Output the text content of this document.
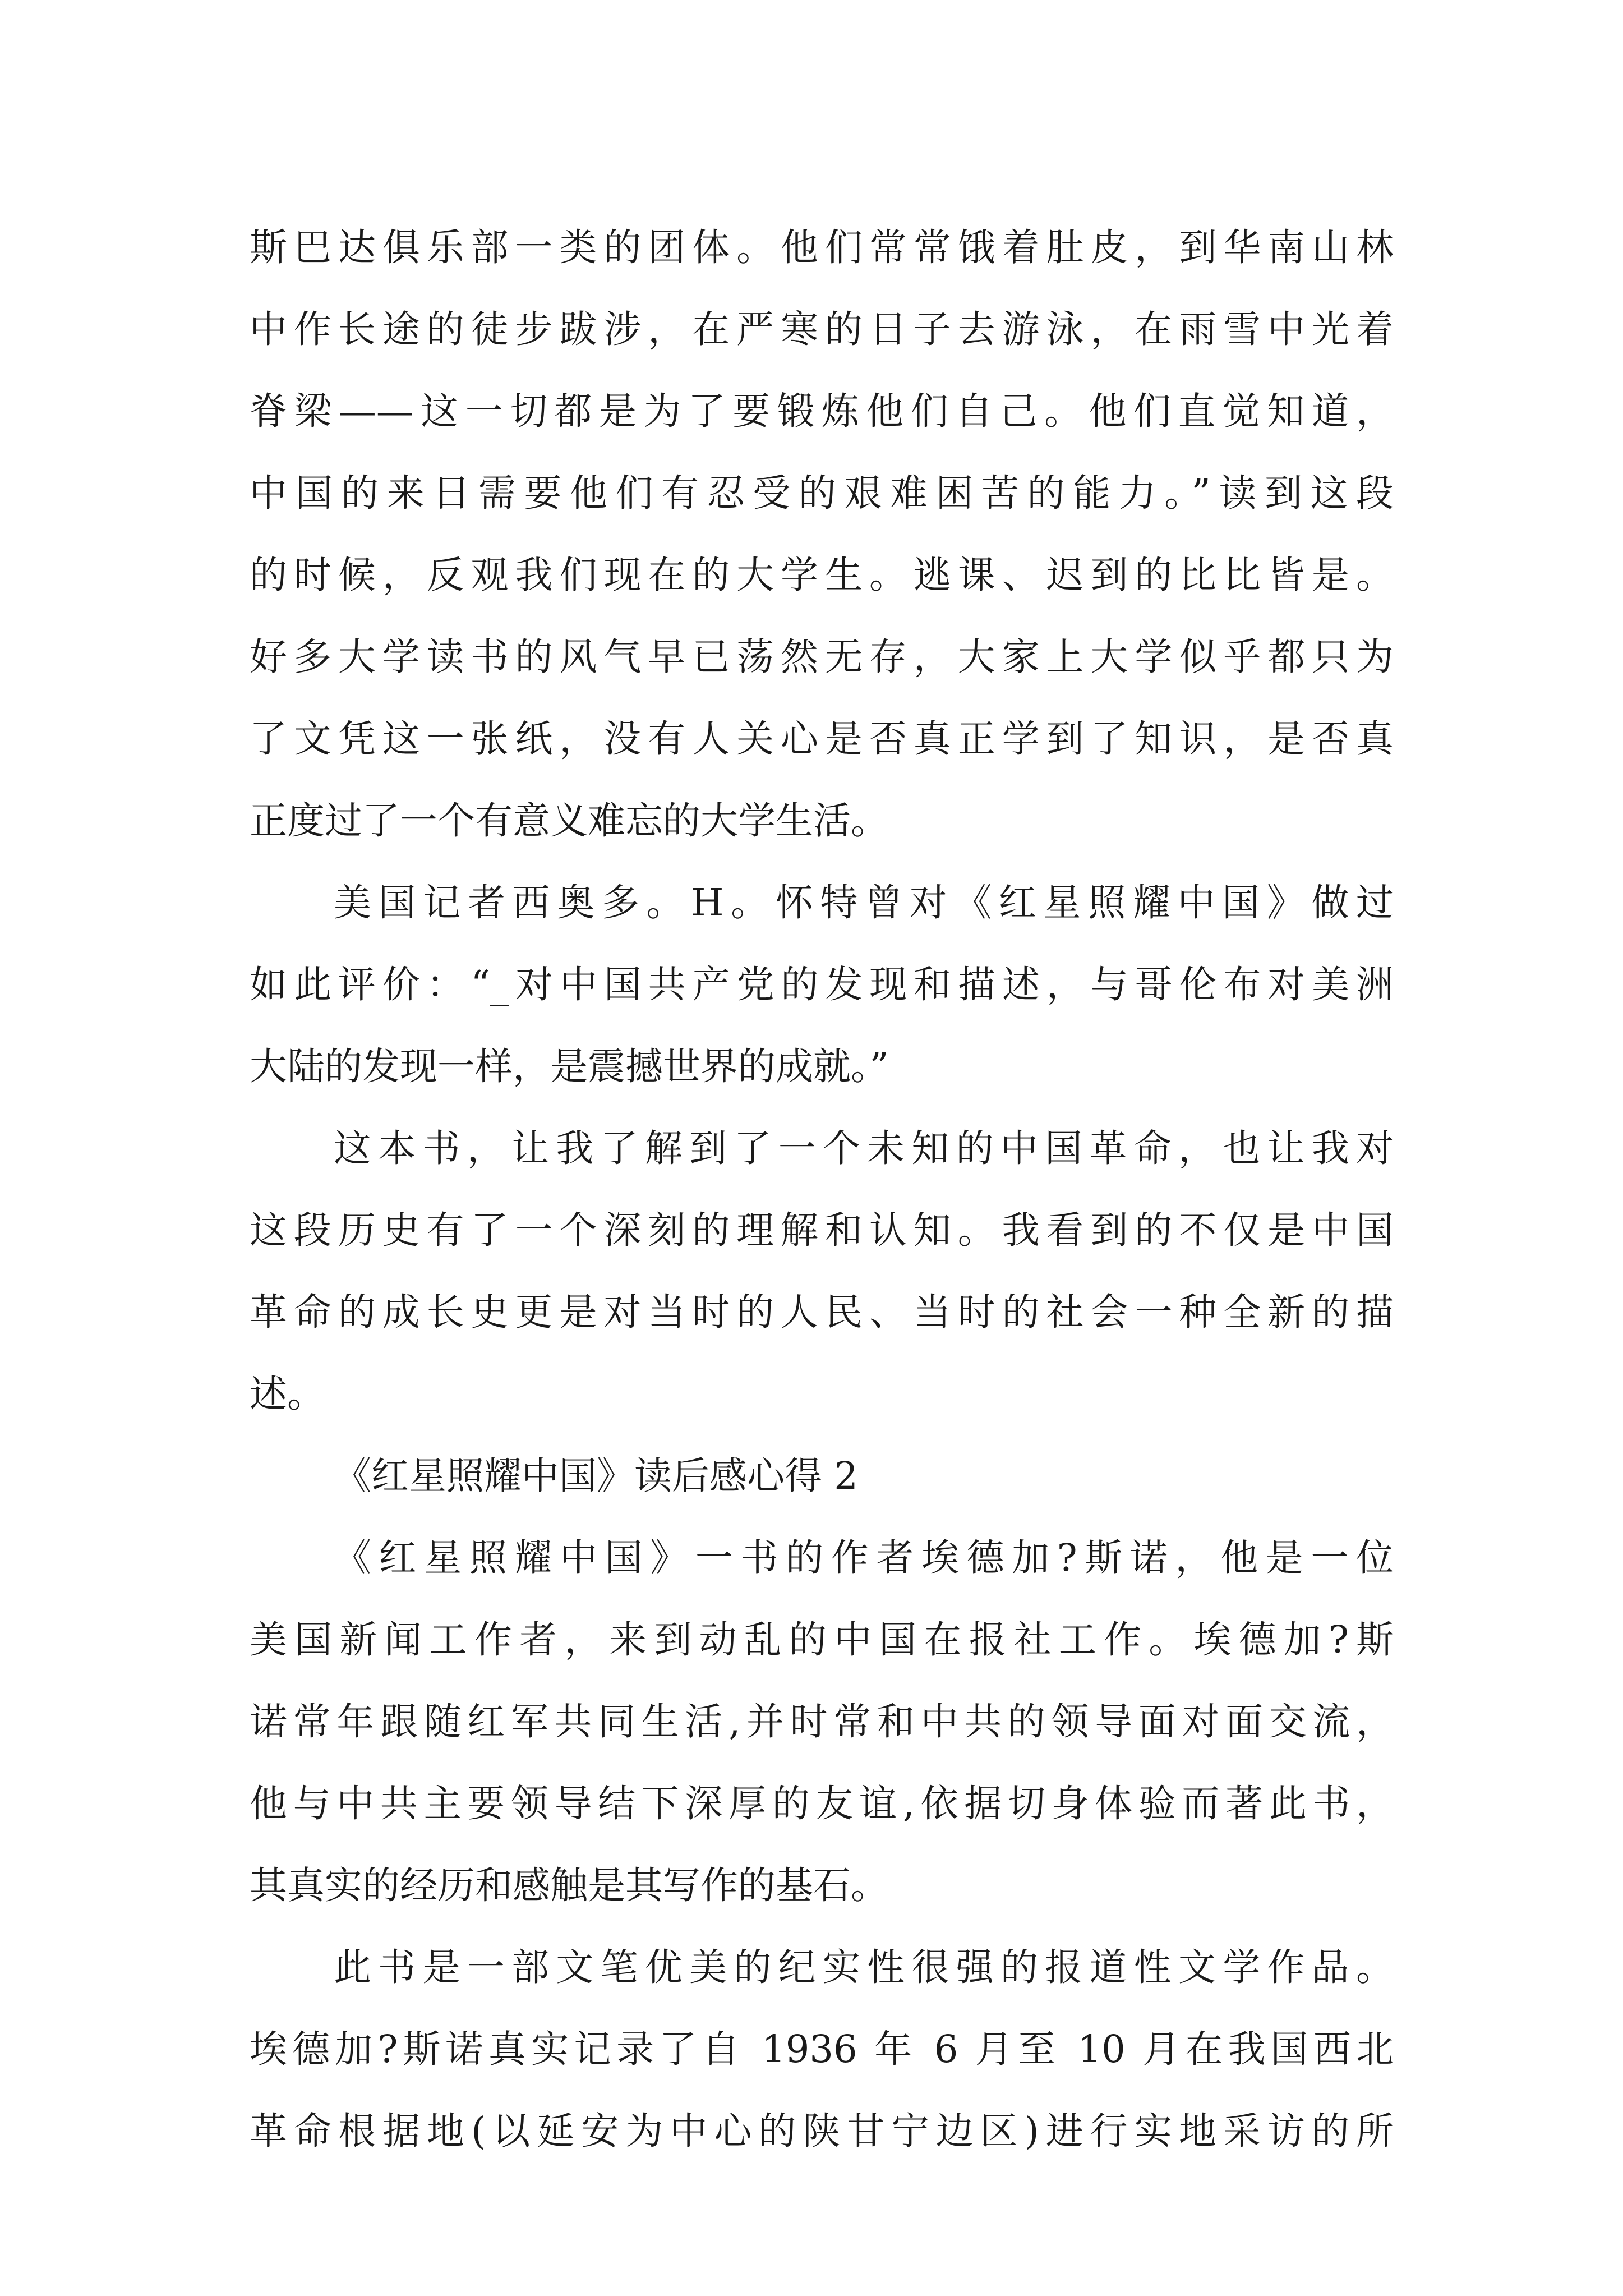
斯巴达俱乐部一类的团体。他们常常饿着肚皮，到华南山林
中作长途的徒步跋涉，在严寒的日子去游泳，在雨雪中光着
脊梁——这一切都是为了要锻炼他们自己。他们直觉知道，
中国的来日需要他们有忍受的艰难困苦的能力。”读到这段
的时候，反观我们现在的大学生。逃课、迟到的比比皆是。
好多大学读书的风气早已荡然无存，大家上大学似乎都只为
了文凭这一张纸，没有人关心是否真正学到了知识，是否真
正度过了一个有意义难忘的大学生活。
美国记者西奥多。H。怀特曾对《红星照耀中国》做过
如此评价：“_对中国共产党的发现和描述，与哥伦布对美洲
大陆的发现一样，是震撼世界的成就。”
这本书，让我了解到了一个未知的中国革命，也让我对
这段历史有了一个深刻的理解和认知。我看到的不仅是中国
革命的成长史更是对当时的人民、当时的社会一种全新的描
述。
《红星照耀中国》读后感心得 2
《红星照耀中国》一书的作者埃德加?斯诺，他是一位
美国新闻工作者，来到动乱的中国在报社工作。埃德加?斯
诺常年跟随红军共同生活,并时常和中共的领导面对面交流，
他与中共主要领导结下深厚的友谊,依据切身体验而著此书，
其真实的经历和感触是其写作的基石。
此书是一部文笔优美的纪实性很强的报道性文学作品。
埃德加?斯诺真实记录了自 1936 年 6 月至 10 月在我国西北
革命根据地(以延安为中心的陕甘宁边区)进行实地采访的所
